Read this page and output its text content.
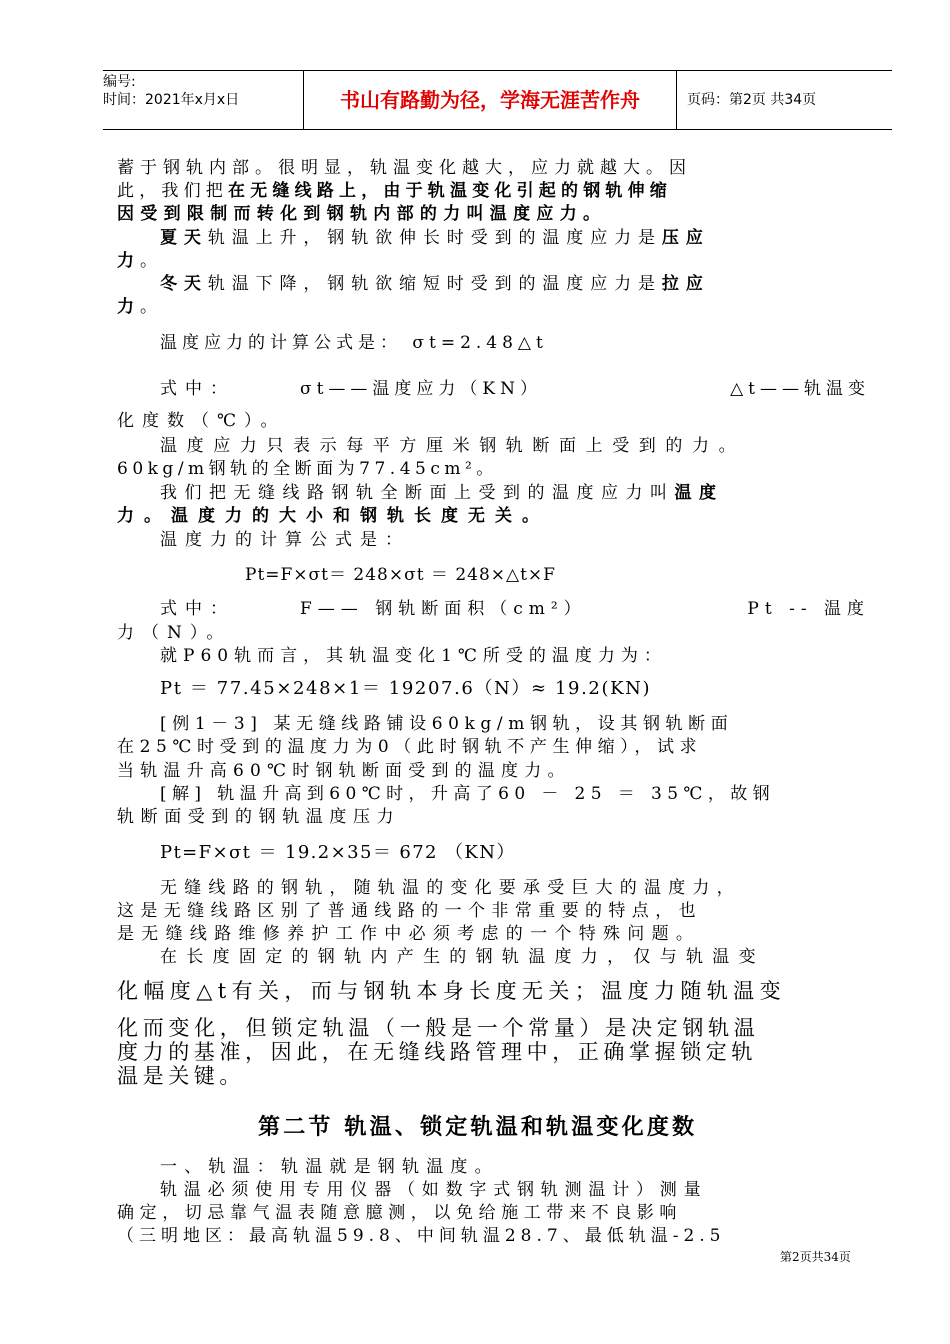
编号:
时间：2021年x月x日	书山有路勤为径，学海无涯苦作舟	页码：第2页 共34页
蓄于钢轨内部。很明显，轨温变化越大，应力就越大。因
此，我们把在无缝线路上，由于轨温变化引起的钢轨伸缩
因受到限制而转化到钢轨内部的力叫温度应力。
夏天轨温上升，钢轨欲伸长时受到的温度应力是压应
力。
冬天轨温下降，钢轨欲缩短时受到的温度应力是拉应
力。
温度应力的计算公式是： σt=2.48△t
式中：	σt——温度应力（KN）	△t——轨温变
化度数（℃）。
温度应力只表示每平方厘米钢轨断面上受到的力。
60kg/m钢轨的全断面为77.45cm²。
我们把无缝线路钢轨全断面上受到的温度应力叫温度
力。温度力的大小和钢轨长度无关。
温度力的计算公式是：
Pt=F×σt＝ 248×σt ＝ 248×△t×F
式中：	F—— 钢轨断面积（cm²）	Pt -- 温度
力（N）。
就P60轨而言，其轨温变化1℃所受的温度力为：
Pt ＝ 77.45×248×1＝ 19207.6（N）≈ 19.2(KN)
[例1－3] 某无缝线路铺设60kg/m钢轨，设其钢轨断面
在25℃时受到的温度力为0（此时钢轨不产生伸缩），试求
当轨温升高60℃时钢轨断面受到的温度力。
[解] 轨温升高到60℃时，升高了60 － 25 ＝ 35℃，故钢
轨断面受到的钢轨温度压力
Pt=F×σt ＝ 19.2×35＝ 672 （KN）
无缝线路的钢轨，随轨温的变化要承受巨大的温度力，
这是无缝线路区别了普通线路的一个非常重要的特点，也
是无缝线路维修养护工作中必须考虑的一个特殊问题。
在长度固定的钢轨内产生的钢轨温度力，仅与轨温变
化幅度△t有关，而与钢轨本身长度无关；温度力随轨温变
化而变化，但锁定轨温（一般是一个常量）是决定钢轨温
度力的基准，因此，在无缝线路管理中，正确掌握锁定轨
温是关键。
第二节 轨温、锁定轨温和轨温变化度数
一、轨温：轨温就是钢轨温度。
轨温必须使用专用仪器（如数字式钢轨测温计）测量
确定，切忌靠气温表随意臆测，以免给施工带来不良影响
（三明地区：最高轨温59.8、中间轨温28.7、最低轨温-2.5
第2页共34页
